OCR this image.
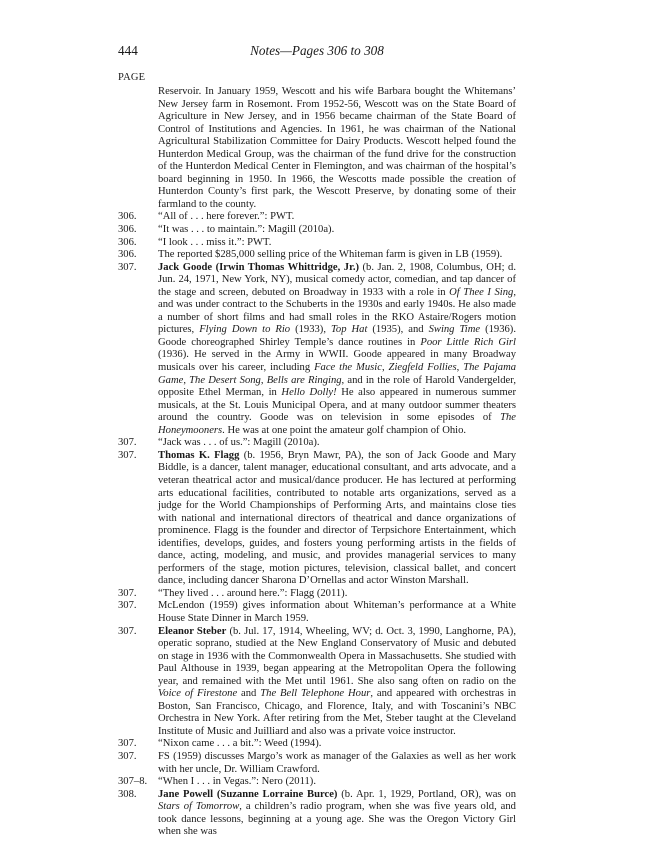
444	Notes—Pages 306 to 308
PAGE
Reservoir. In January 1959, Wescott and his wife Barbara bought the Whitemans’ New Jersey farm in Rosemont. From 1952-56, Wescott was on the State Board of Agriculture in New Jersey, and in 1956 became chairman of the State Board of Control of Institutions and Agencies. In 1961, he was chairman of the National Agricultural Stabilization Committee for Dairy Products. Wescott helped found the Hunterdon Medical Group, was the chairman of the fund drive for the construction of the Hunterdon Medical Center in Flemington, and was chairman of the hospital’s board beginning in 1950. In 1966, the Wescotts made possible the creation of Hunterdon County’s first park, the Wescott Preserve, by donating some of their farmland to the county.
306. “All of . . . here forever.”: PWT.
306. “It was . . . to maintain.”: Magill (2010a).
306. “I look . . . miss it.”: PWT.
306. The reported $285,000 selling price of the Whiteman farm is given in LB (1959).
307. Jack Goode (Irwin Thomas Whittridge, Jr.) (b. Jan. 2, 1908, Columbus, OH; d. Jun. 24, 1971, New York, NY), musical comedy actor, comedian, and tap dancer of the stage and screen, debuted on Broadway in 1933 with a role in Of Thee I Sing, and was under contract to the Schuberts in the 1930s and early 1940s. He also made a number of short films and had small roles in the RKO Astaire/Rogers motion pictures, Flying Down to Rio (1933), Top Hat (1935), and Swing Time (1936). Goode choreographed Shirley Temple’s dance routines in Poor Little Rich Girl (1936). He served in the Army in WWII. Goode appeared in many Broadway musicals over his career, including Face the Music, Ziegfeld Follies, The Pajama Game, The Desert Song, Bells are Ringing, and in the role of Harold Vandergelder, opposite Ethel Merman, in Hello Dolly! He also appeared in numerous summer musicals, at the St. Louis Municipal Opera, and at many outdoor summer theaters around the country. Goode was on television in some episodes of The Honeymooners. He was at one point the amateur golf champion of Ohio.
307. “Jack was . . . of us.”: Magill (2010a).
307. Thomas K. Flagg (b. 1956, Bryn Mawr, PA), the son of Jack Goode and Mary Biddle, is a dancer, talent manager, educational consultant, and arts advocate, and a veteran theatrical actor and musical/dance producer. He has lectured at performing arts educational facilities, contributed to notable arts organizations, served as a judge for the World Championships of Performing Arts, and maintains close ties with national and international directors of theatrical and dance organizations of prominence. Flagg is the founder and director of Terpsichore Entertainment, which identifies, develops, guides, and fosters young performing artists in the fields of dance, acting, modeling, and music, and provides managerial services to many performers of the stage, motion pictures, television, classical ballet, and concert dance, including dancer Sharona D’Ornellas and actor Winston Marshall.
307. “They lived . . . around here.”: Flagg (2011).
307. McLendon (1959) gives information about Whiteman’s performance at a White House State Dinner in March 1959.
307. Eleanor Steber (b. Jul. 17, 1914, Wheeling, WV; d. Oct. 3, 1990, Langhorne, PA), operatic soprano, studied at the New England Conservatory of Music and debuted on stage in 1936 with the Commonwealth Opera in Massachusetts. She studied with Paul Althouse in 1939, began appearing at the Metropolitan Opera the following year, and remained with the Met until 1961. She also sang often on radio on the Voice of Firestone and The Bell Telephone Hour, and appeared with orchestras in Boston, San Francisco, Chicago, and Florence, Italy, and with Toscanini’s NBC Orchestra in New York. After retiring from the Met, Steber taught at the Cleveland Institute of Music and Juilliard and also was a private voice instructor.
307. “Nixon came . . . a bit.”: Weed (1994).
307. FS (1959) discusses Margo’s work as manager of the Galaxies as well as her work with her uncle, Dr. William Crawford.
307–8. “When I . . . in Vegas.”: Nero (2011).
308. Jane Powell (Suzanne Lorraine Burce) (b. Apr. 1, 1929, Portland, OR), was on Stars of Tomorrow, a children’s radio program, when she was five years old, and took dance lessons, beginning at a young age. She was the Oregon Victory Girl when she was
